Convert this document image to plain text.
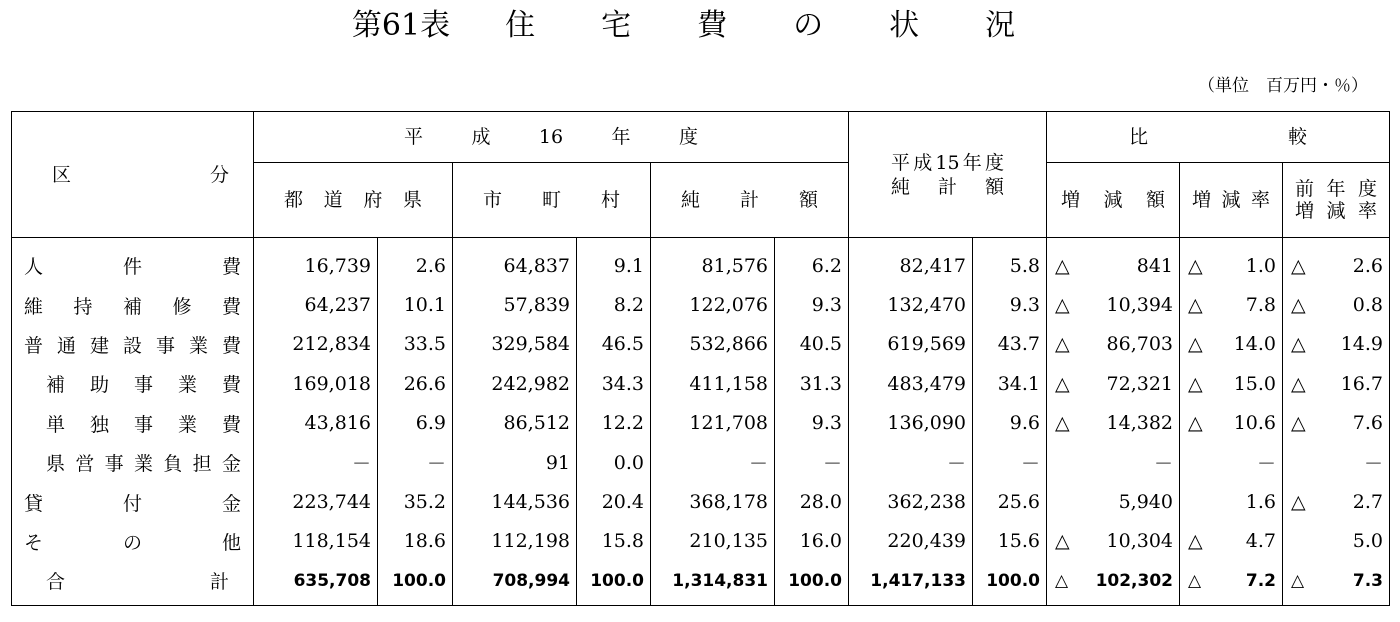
第61表 住 宅 費 の 状 況
（単位　百万円・％）
区　　分	平　成　16　年　度						平成15年度
純　計　額		比　較		

	都　道　府　県		市　町　村		純　計　額				増　減　額	増減率	前年度
増減率

人件費	16,739	2.6	64,837	9.1	81,576	6.2	82,417	5.8	△ 841	△ 1.0	△ 2.6

維持補修費	64,237	10.1	57,839	8.2	122,076	9.3	132,470	9.3	△ 10,394	△ 7.8	△ 0.8

普通建設事業費	212,834	33.5	329,584	46.5	532,866	40.5	619,569	43.7	△ 86,703	△ 14.0	△ 14.9

補助事業費	169,018	26.6	242,982	34.3	411,158	31.3	483,479	34.1	△ 72,321	△ 15.0	△ 16.7

単独事業費	43,816	6.9	86,512	12.2	121,708	9.3	136,090	9.6	△ 14,382	△ 10.6	△ 7.6

県営事業負担金	－	－	91	0.0	－	－	－	－	－	－	－

貸付金	223,744	35.2	144,536	20.4	368,178	28.0	362,238	25.6	5,940	1.6	△ 2.7

その他	118,154	18.6	112,198	15.8	210,135	16.0	220,439	15.6	△ 10,304	△ 4.7	5.0

合計	635,708	100.0	708,994	100.0	1,314,831	100.0	1,417,133	100.0	△ 102,302	△ 7.2	△ 7.3
